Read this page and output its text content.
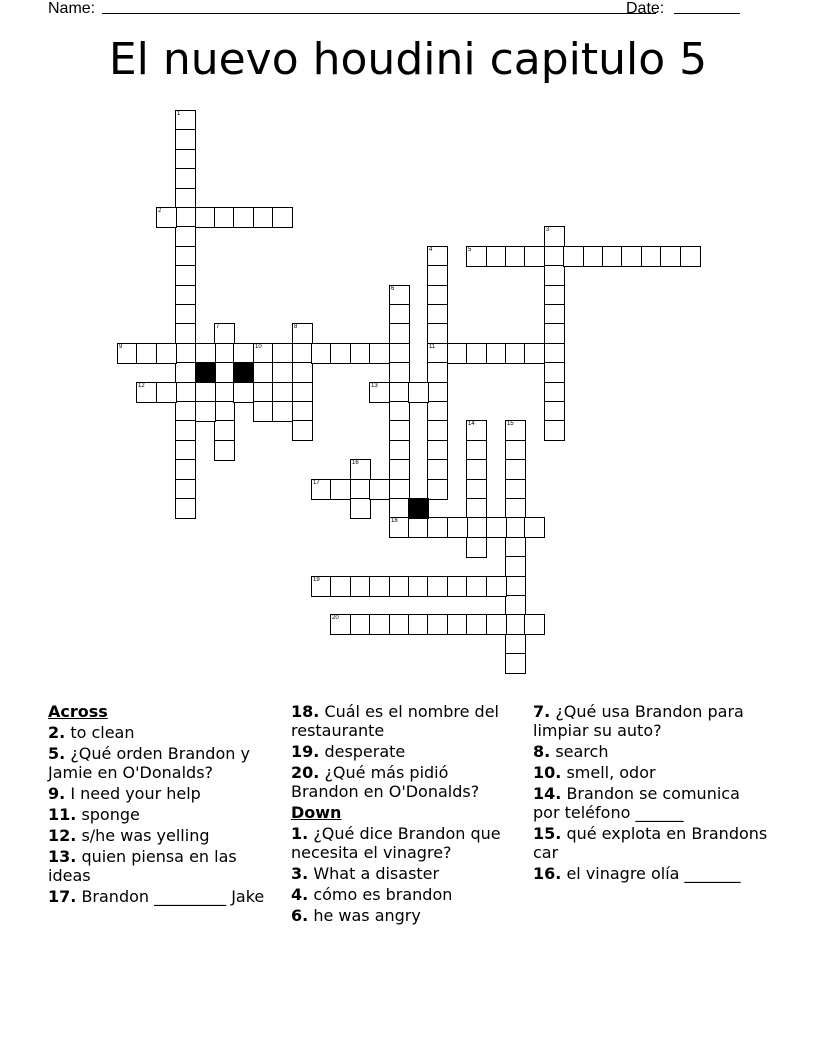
Name:	Date:
El nuevo houdini capitulo 5
1
2
3
4
11
5
6
18
7	8
9	10
12	13
14	15
16
17
19
20
Across
2. to clean
5. ¿Qué orden Brandon y Jamie en O'Donalds?
9. I need your help
11. sponge
12. s/he was yelling
13. quien piensa en las ideas
17. Brandon _________ Jake
18. Cuál es el nombre del restaurante
19. desperate
20. ¿Qué más pidió Brandon en O'Donalds?
Down
1. ¿Qué dice Brandon que necesita el vinagre?
3. What a disaster
4. cómo es brandon
6. he was angry
7. ¿Qué usa Brandon para limpiar su auto?
8. search
10. smell, odor
14. Brandon se comunica por teléfono ______
15. qué explota en Brandons car
16. el vinagre olía _______
